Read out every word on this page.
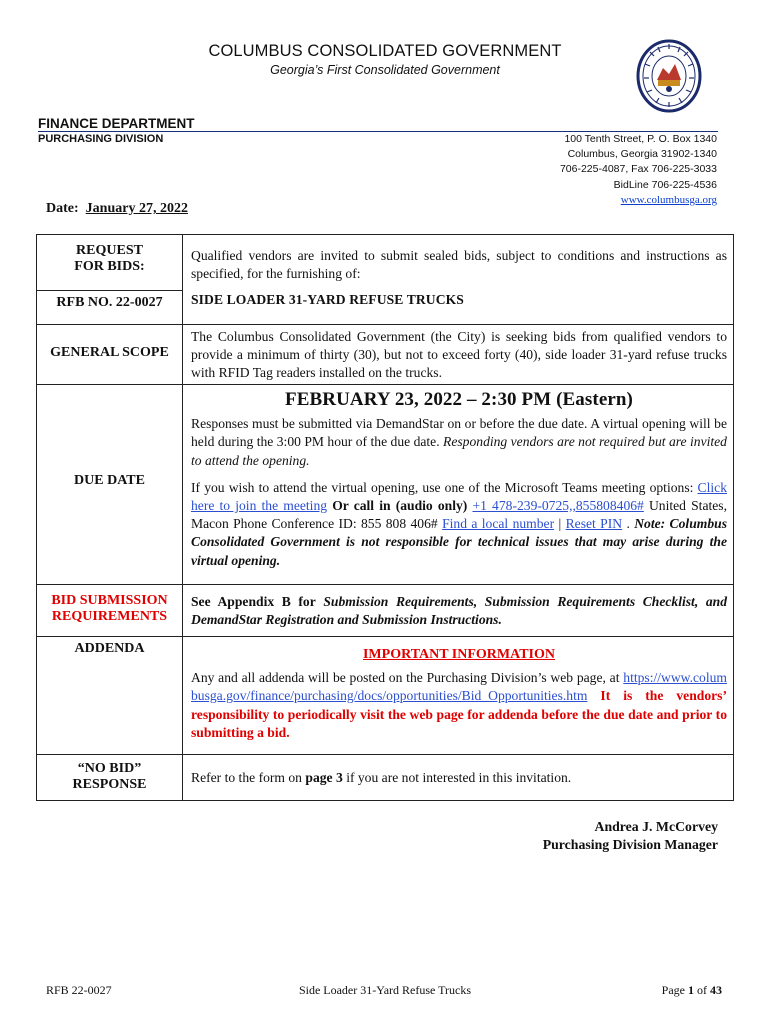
COLUMBUS CONSOLIDATED GOVERNMENT
Georgia’s First Consolidated Government
FINANCE DEPARTMENT
PURCHASING DIVISION	100 Tenth Street, P. O. Box 1340
Columbus, Georgia 31902-1340
706-225-4087, Fax 706-225-3033
BidLine 706-225-4536
www.columbusga.org
Date: January 27, 2022
REQUEST
FOR BIDS:	Qualified vendors are invited to submit sealed bids, subject to conditions and instructions as specified, for the furnishing of:
RFB NO. 22-0027	SIDE LOADER 31-YARD REFUSE TRUCKS
GENERAL SCOPE	The Columbus Consolidated Government (the City) is seeking bids from qualified vendors to provide a minimum of thirty (30), but not to exceed forty (40), side loader 31-yard refuse trucks with RFID Tag readers installed on the trucks.
DUE DATE	FEBRUARY 23, 2022 – 2:30 PM (Eastern)
Responses must be submitted via DemandStar on or before the due date. A virtual opening will be held during the 3:00 PM hour of the due date. Responding vendors are not required but are invited to attend the opening.
If you wish to attend the virtual opening, use one of the Microsoft Teams meeting options: Click here to join the meeting Or call in (audio only) +1 478-239-0725,,855808406# United States, Macon Phone Conference ID: 855 808 406# Find a local number | Reset PIN . Note: Columbus Consolidated Government is not responsible for technical issues that may arise during the virtual opening.

BID SUBMISSION
REQUIREMENTS	See Appendix B for Submission Requirements, Submission Requirements Checklist, and DemandStar Registration and Submission Instructions.
ADDENDA	IMPORTANT INFORMATION
Any and all addenda will be posted on the Purchasing Division’s web page, at https://www.columbusga.gov/finance/purchasing/docs/opportunities/Bid_Opportunities.htm It is the vendors’ responsibility to periodically visit the web page for addenda before the due date and prior to submitting a bid.

“NO BID”
RESPONSE	Refer to the form on page 3 if you are not interested in this invitation.
Andrea J. McCorvey
Purchasing Division Manager
RFB 22-0027	Side Loader 31-Yard Refuse Trucks	Page 1 of 43
